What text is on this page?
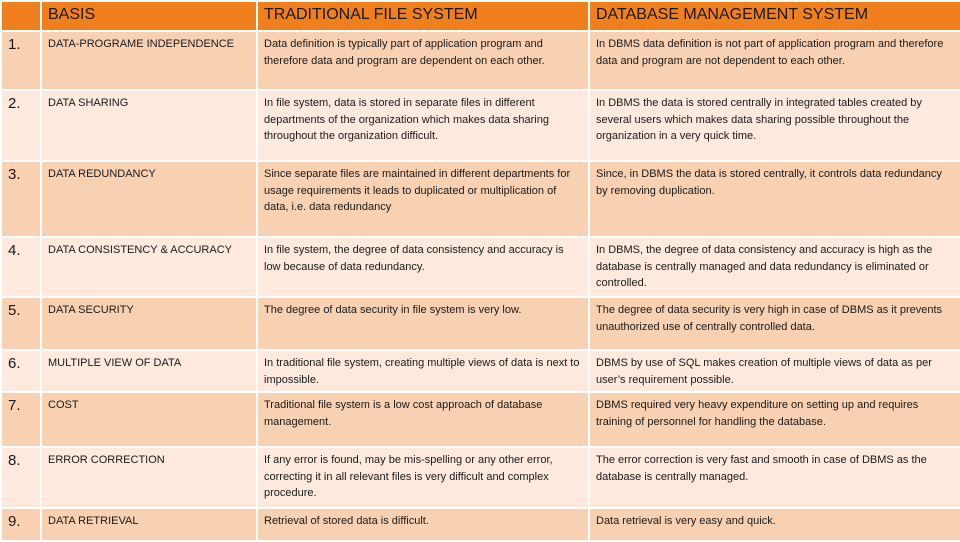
	BASIS	TRADITIONAL FILE SYSTEM	DATABASE MANAGEMENT SYSTEM
1.	DATA-PROGRAME INDEPENDENCE	Data definition is typically part of application program and therefore data and program are dependent on each other.	In DBMS data definition is not part of application program and therefore data and program are not dependent to each other.
2.	DATA SHARING	In file system, data is stored in separate files in different departments of the organization which makes data sharing throughout the organization difficult.	In DBMS the data is stored centrally in integrated tables created by several users which makes data sharing possible throughout the organization in a very quick time.
3.	DATA REDUNDANCY	Since separate files are maintained in different departments for usage requirements it leads to duplicated or multiplication of data, i.e. data redundancy	Since, in DBMS the data is stored centrally, it controls data redundancy by removing duplication.
4.	DATA CONSISTENCY & ACCURACY	In file system, the degree of data consistency and accuracy is low because of data redundancy.	In DBMS, the degree of data consistency and accuracy is high as the database is centrally managed and data redundancy is eliminated or controlled.
5.	DATA SECURITY	The degree of data security in file system is very low.	The degree of data security is very high in case of DBMS as it prevents unauthorized use of centrally controlled data.
6.	MULTIPLE VIEW OF DATA	In traditional file system, creating multiple views of data is next to impossible.	DBMS by use of SQL makes creation of multiple views of data as per user’s requirement possible.
7.	COST	Traditional file system is a low cost approach of database management.	DBMS required very heavy expenditure on setting up and requires training of personnel for handling the database.
8.	ERROR CORRECTION	If any error is found, may be mis-spelling or any other error, correcting it in all relevant files is very difficult and complex procedure.	The error correction is very fast and smooth in case of DBMS as the database is centrally managed.
9.	DATA RETRIEVAL	Retrieval of stored data is difficult.	Data retrieval is very easy and quick.
